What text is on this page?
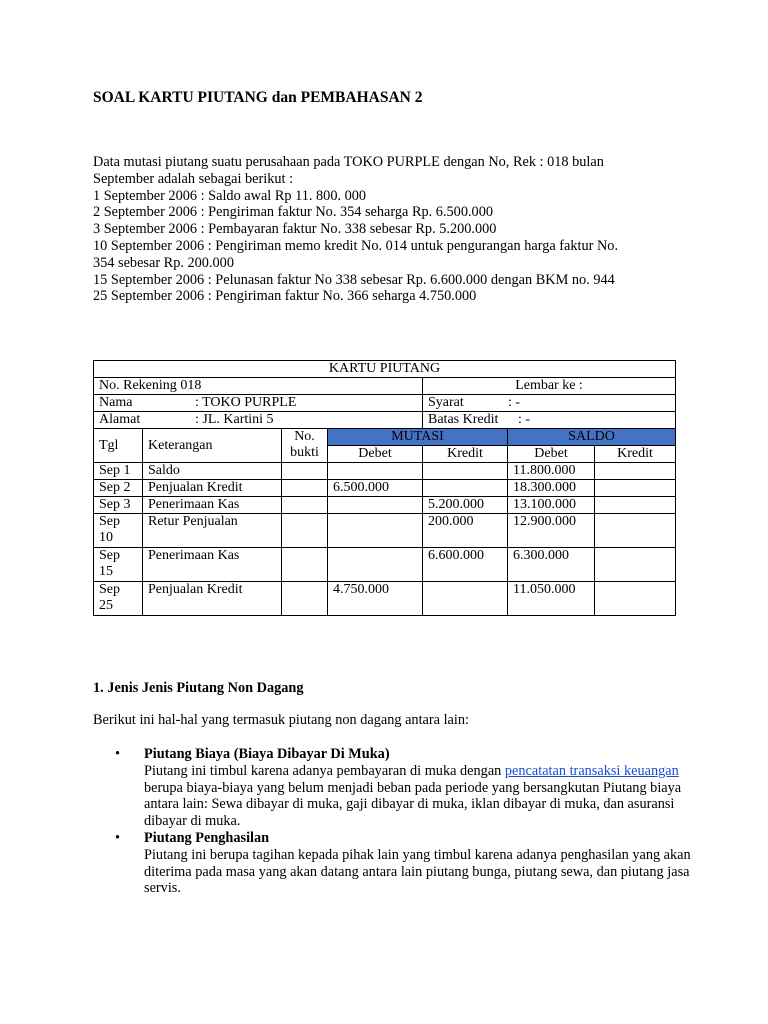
SOAL KARTU PIUTANG dan PEMBAHASAN 2
Data mutasi piutang suatu perusahaan pada TOKO PURPLE dengan No, Rek : 018 bulan
September adalah sebagai berikut :
1 September 2006 : Saldo awal Rp 11. 800. 000
2 September 2006 : Pengiriman faktur No. 354 seharga Rp. 6.500.000
3 September 2006 : Pembayaran faktur No. 338 sebesar Rp. 5.200.000
10 September 2006 : Pengiriman memo kredit No. 014 untuk pengurangan harga faktur No.
354 sebesar Rp. 200.000
15 September 2006 : Pelunasan faktur No 338 sebesar Rp. 6.600.000 dengan BKM no. 944
25 September 2006 : Pengiriman faktur No. 366 seharga 4.750.000
KARTU PIUTANG						
No. Rekening: 018				Lembar ke :		
Nama : TOKO PURPLE				Syarat : -		
Alamat : JL. Kartini 5				Batas Kredit : -		
Tgl	Keterangan	No. bukti	MUTASI		SALDO	
			Debet	Kredit	Debet	Kredit
Sep 1	Saldo				11.800.000	
Sep 2	Penjualan Kredit		6.500.000		18.300.000	
Sep 3	Penerimaan Kas			5.200.000	13.100.000	
Sep 10	Retur Penjualan			200.000	12.900.000	
Sep 15	Penerimaan Kas			6.600.000	6.300.000	
Sep 25	Penjualan Kredit		4.750.000		11.050.000	
1. Jenis Jenis Piutang Non Dagang
Berikut ini hal-hal yang termasuk piutang non dagang antara lain:
• Piutang Biaya (Biaya Dibayar Di Muka)
Piutang ini timbul karena adanya pembayaran di muka dengan pencatatan transaksi keuangan berupa biaya-biaya yang belum menjadi beban pada periode yang bersangkutan Piutang biaya antara lain: Sewa dibayar di muka, gaji dibayar di muka, iklan dibayar di muka, dan asuransi dibayar di muka.
• Piutang Penghasilan
Piutang ini berupa tagihan kepada pihak lain yang timbul karena adanya penghasilan yang akan diterima pada masa yang akan datang antara lain piutang bunga, piutang sewa, dan piutang jasa servis.
